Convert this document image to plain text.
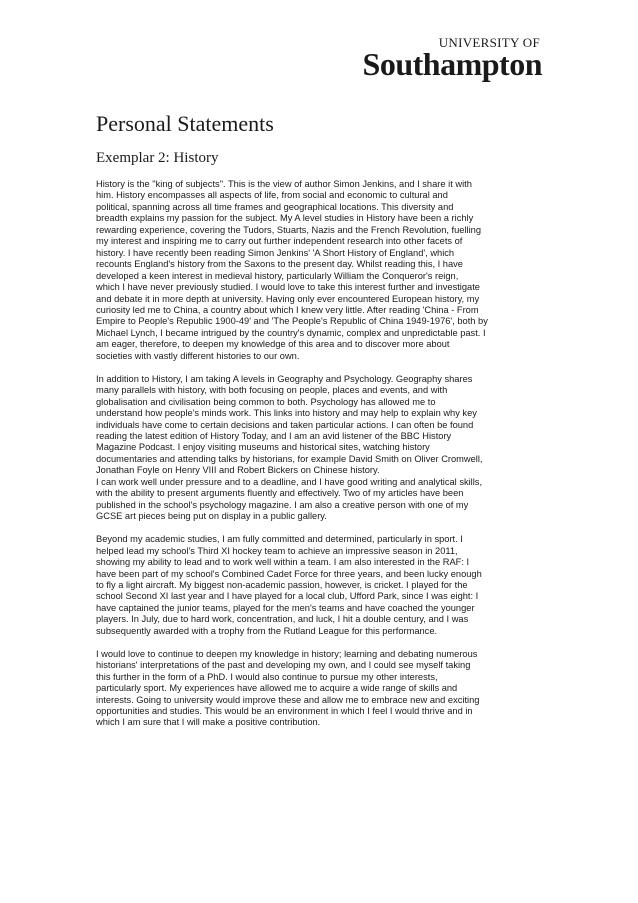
UNIVERSITY OF
Southampton
Personal Statements
Exemplar 2: History

History is the "king of subjects". This is the view of author Simon Jenkins, and I share it with
him. History encompasses all aspects of life, from social and economic to cultural and
political, spanning across all time frames and geographical locations. This diversity and
breadth explains my passion for the subject. My A level studies in History have been a richly
rewarding experience, covering the Tudors, Stuarts, Nazis and the French Revolution, fuelling
my interest and inspiring me to carry out further independent research into other facets of
history. I have recently been reading Simon Jenkins' 'A Short History of England', which
recounts England's history from the Saxons to the present day. Whilst reading this, I have
developed a keen interest in medieval history, particularly William the Conqueror's reign,
which I have never previously studied. I would love to take this interest further and investigate
and debate it in more depth at university. Having only ever encountered European history, my
curiosity led me to China, a country about which I knew very little. After reading 'China - From
Empire to People's Republic 1900-49' and 'The People's Republic of China 1949-1976', both by
Michael Lynch, I became intrigued by the country's dynamic, complex and unpredictable past. I
am eager, therefore, to deepen my knowledge of this area and to discover more about
societies with vastly different histories to our own.

In addition to History, I am taking A levels in Geography and Psychology. Geography shares
many parallels with history, with both focusing on people, places and events, and with
globalisation and civilisation being common to both. Psychology has allowed me to
understand how people's minds work. This links into history and may help to explain why key
individuals have come to certain decisions and taken particular actions. I can often be found
reading the latest edition of History Today, and I am an avid listener of the BBC History
Magazine Podcast. I enjoy visiting museums and historical sites, watching history
documentaries and attending talks by historians, for example David Smith on Oliver Cromwell,
Jonathan Foyle on Henry VIII and Robert Bickers on Chinese history.
I can work well under pressure and to a deadline, and I have good writing and analytical skills,
with the ability to present arguments fluently and effectively. Two of my articles have been
published in the school's psychology magazine. I am also a creative person with one of my
GCSE art pieces being put on display in a public gallery.

Beyond my academic studies, I am fully committed and determined, particularly in sport. I
helped lead my school's Third XI hockey team to achieve an impressive season in 2011,
showing my ability to lead and to work well within a team. I am also interested in the RAF: I
have been part of my school's Combined Cadet Force for three years, and been lucky enough
to fly a light aircraft. My biggest non-academic passion, however, is cricket. I played for the
school Second XI last year and I have played for a local club, Ufford Park, since I was eight: I
have captained the junior teams, played for the men's teams and have coached the younger
players. In July, due to hard work, concentration, and luck, I hit a double century, and I was
subsequently awarded with a trophy from the Rutland League for this performance.

I would love to continue to deepen my knowledge in history; learning and debating numerous
historians' interpretations of the past and developing my own, and I could see myself taking
this further in the form of a PhD. I would also continue to pursue my other interests,
particularly sport. My experiences have allowed me to acquire a wide range of skills and
interests. Going to university would improve these and allow me to embrace new and exciting
opportunities and studies. This would be an environment in which I feel I would thrive and in
which I am sure that I will make a positive contribution.
